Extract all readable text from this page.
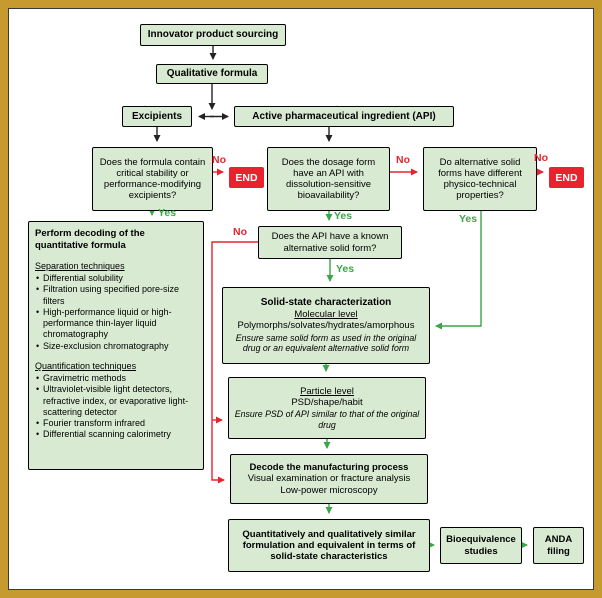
Innovator product sourcing
Qualitative formula
Excipients	Active pharmaceutical ingredient (API)
Does the formula contain critical stability or performance-modifying excipients?
END
Does the dosage form have an API with dissolution-sensitive bioavailability?
Do alternative solid forms have different physico-technical properties?
END
Does the API have a known alternative solid form?
Perform decoding of the quantitative formula
Separation techniques
• Differential solubility
• Filtration using specified pore-size filters
• High-performance liquid or high-performance thin-layer liquid chromatography
• Size-exclusion chromatography
Quantification techniques
• Gravimetric methods
• Ultraviolet-visible light detectors, refractive index, or evaporative light-scattering detector
• Fourier transform infrared
• Differential scanning calorimetry
Solid-state characterization
Molecular level
Polymorphs/solvates/hydrates/amorphous
Ensure same solid form as used in the original drug or an equivalent alternative solid form
Particle level
PSD/shape/habit
Ensure PSD of API similar to that of the original drug
Decode the manufacturing process
Visual examination or fracture analysis
Low-power microscopy
Quantitatively and qualitatively similar formulation and equivalent in terms of solid-state characteristics
Bioequivalence studies
ANDA filing
No	No	No
No
Yes	Yes
Yes
Yes
